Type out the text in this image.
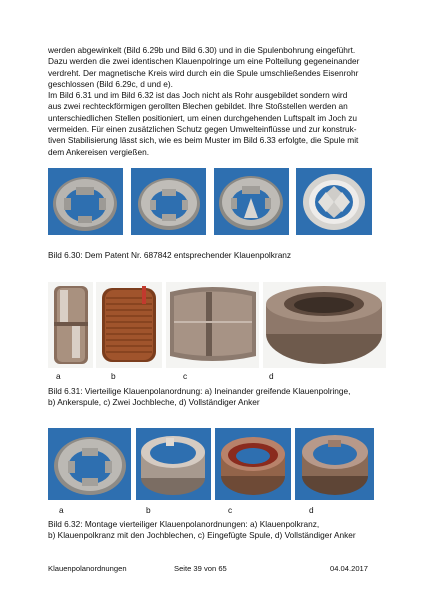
werden abgewinkelt (Bild 6.29b und Bild 6.30) und in die Spulenbohrung eingeführt.
Dazu werden die zwei identischen Klauenpolringe um eine Polteilung gegeneinander
verdreht. Der magnetische Kreis wird durch ein die Spule umschließendes Eisenrohr
geschlossen (Bild 6.29c, d und e).
Im Bild 6.31 und im Bild 6.32 ist das Joch nicht als Rohr ausgebildet sondern wird
aus zwei rechteckförmigen gerollten Blechen gebildet. Ihre Stoßstellen werden an
unterschiedlichen Stellen positioniert, um einen durchgehenden Luftspalt im Joch zu
vermeiden. Für einen zusätzlichen Schutz gegen Umwelteinflüsse und zur konstruk-
tiven Stabilisierung lässt sich, wie es beim Muster im Bild 6.33 erfolgte, die Spule mit
dem Ankereisen vergießen.

Bild 6.30: Dem Patent Nr. 687842 entsprechender Klauenpolkranz

a	b	c	d

Bild 6.31: Vierteilige Klauenpolanordnung: a) Ineinander greifende Klauenpolringe,
b) Ankerspule, c) Zwei Jochbleche, d) Vollständiger Anker

a	b	c	d

Bild 6.32: Montage vierteiliger Klauenpolanordnungen: a) Klauenpolkranz,
b) Klauenpolkranz mit den Jochblechen, c) Eingefügte Spule, d) Vollständiger Anker

Klauenpolanordnungen	Seite 39 von 65	04.04.2017
